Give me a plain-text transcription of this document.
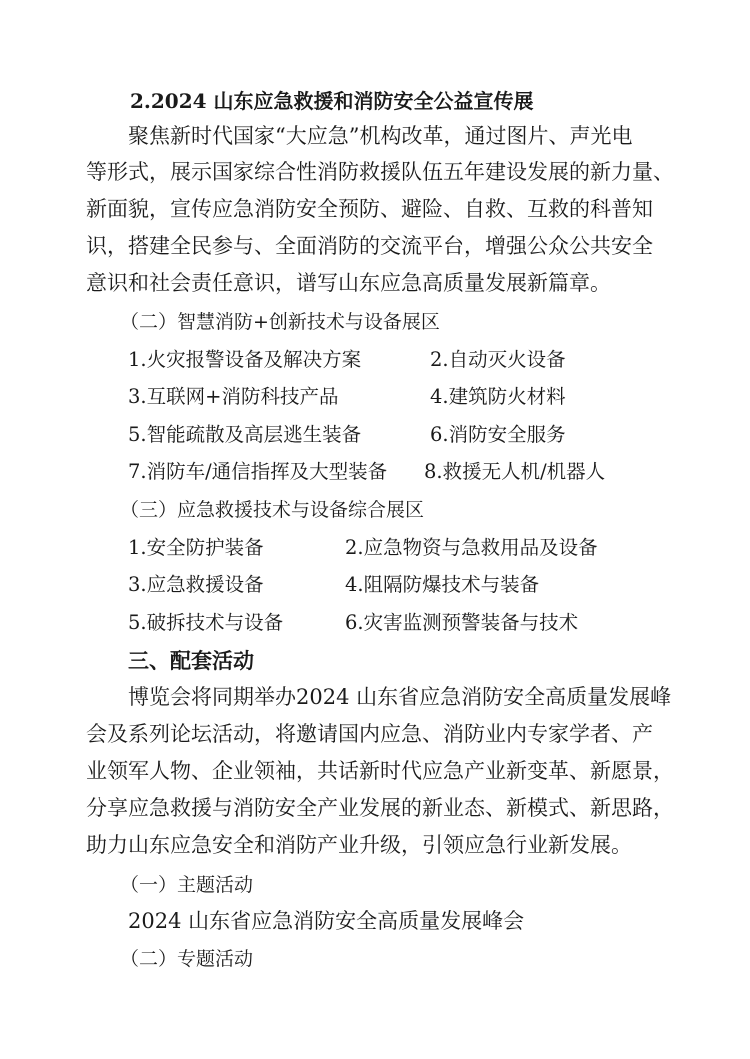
2.2024 山东应急救援和消防安全公益宣传展
聚焦新时代国家“大应急”机构改革，通过图片、声光电
等形式，展示国家综合性消防救援队伍五年建设发展的新力量、
新面貌，宣传应急消防安全预防、避险、自救、互救的科普知
识，搭建全民参与、全面消防的交流平台，增强公众公共安全
意识和社会责任意识，谱写山东应急高质量发展新篇章。
（二）智慧消防+创新技术与设备展区
1.火灾报警设备及解决方案	2.自动灭火设备
3.互联网+消防科技产品	4.建筑防火材料
5.智能疏散及高层逃生装备	6.消防安全服务
7.消防车/通信指挥及大型装备 8.救援无人机/机器人
（三）应急救援技术与设备综合展区
1.安全防护装备	2.应急物资与急救用品及设备
3.应急救援设备	4.阻隔防爆技术与装备
5.破拆技术与设备	6.灾害监测预警装备与技术
三、配套活动
博览会将同期举办2024 山东省应急消防安全高质量发展峰
会及系列论坛活动，将邀请国内应急、消防业内专家学者、产
业领军人物、企业领袖，共话新时代应急产业新变革、新愿景，
分享应急救援与消防安全产业发展的新业态、新模式、新思路，
助力山东应急安全和消防产业升级，引领应急行业新发展。
（一）主题活动
2024 山东省应急消防安全高质量发展峰会
（二）专题活动
